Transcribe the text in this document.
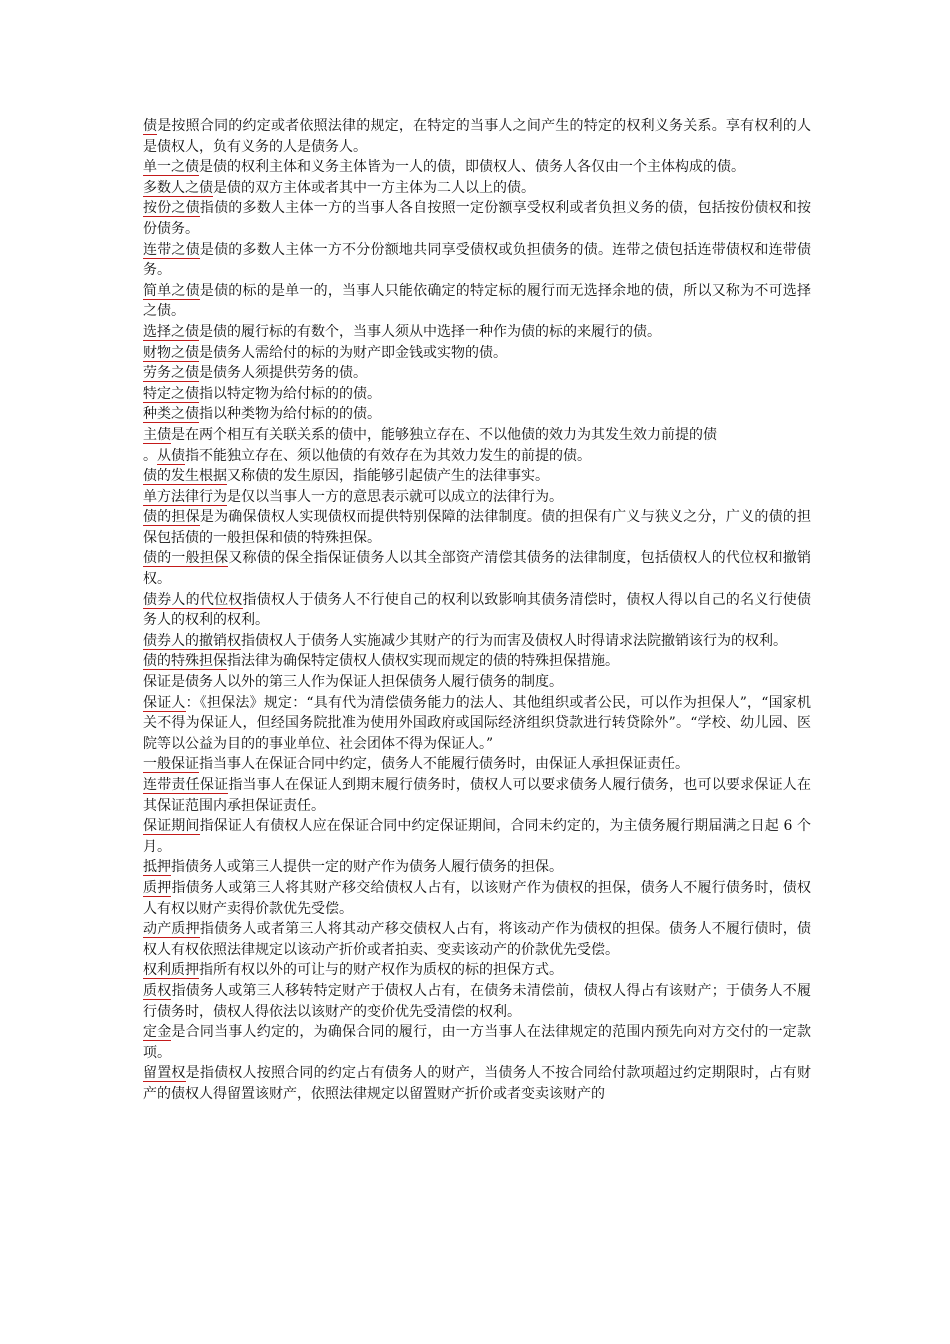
债是按照合同的约定或者依照法律的规定，在特定的当事人之间产生的特定的权利义务关系。享有权利的人是债权人，负有义务的人是债务人。

单一之债是债的权利主体和义务主体皆为一人的债，即债权人、债务人各仅由一个主体构成的债。

多数人之债是债的双方主体或者其中一方主体为二人以上的债。

按份之债指债的多数人主体一方的当事人各自按照一定份额享受权利或者负担义务的债，包括按份债权和按份债务。

连带之债是债的多数人主体一方不分份额地共同享受债权或负担债务的债。连带之债包括连带债权和连带债务。

简单之债是债的标的是单一的，当事人只能依确定的特定标的履行而无选择余地的债，所以又称为不可选择之债。

选择之债是债的履行标的有数个，当事人须从中选择一种作为债的标的来履行的债。

财物之债是债务人需给付的标的为财产即金钱或实物的债。

劳务之债是债务人须提供劳务的债。

特定之债指以特定物为给付标的的债。

种类之债指以种类物为给付标的的债。

主债是在两个相互有关联关系的债中，能够独立存在、不以他债的效力为其发生效力前提的债

。从债指不能独立存在、须以他债的有效存在为其效力发生的前提的债。

债的发生根据又称债的发生原因，指能够引起债产生的法律事实。

单方法律行为是仅以当事人一方的意思表示就可以成立的法律行为。

债的担保是为确保债权人实现债权而提供特别保障的法律制度。债的担保有广义与狭义之分，广义的债的担保包括债的一般担保和债的特殊担保。

债的一般担保又称债的保全指保证债务人以其全部资产清偿其债务的法律制度，包括债权人的代位权和撤销权。

债券人的代位权指债权人于债务人不行使自己的权利以致影响其债务清偿时，债权人得以自己的名义行使债务人的权利的权利。

债券人的撤销权指债权人于债务人实施减少其财产的行为而害及债权人时得请求法院撤销该行为的权利。

债的特殊担保指法律为确保特定债权人债权实现而规定的债的特殊担保措施。

保证是债务人以外的第三人作为保证人担保债务人履行债务的制度。

保证人：《担保法》规定：“具有代为清偿债务能力的法人、其他组织或者公民，可以作为担保人”，“国家机关不得为保证人，但经国务院批准为使用外国政府或国际经济组织贷款进行转贷除外”。“学校、幼儿园、医院等以公益为目的的事业单位、社会团体不得为保证人。”

一般保证指当事人在保证合同中约定，债务人不能履行债务时，由保证人承担保证责任。

连带责任保证指当事人在保证人到期末履行债务时，债权人可以要求债务人履行债务，也可以要求保证人在其保证范围内承担保证责任。

保证期间指保证人有债权人应在保证合同中约定保证期间，合同未约定的，为主债务履行期届满之日起 6 个月。

抵押指债务人或第三人提供一定的财产作为债务人履行债务的担保。

质押指债务人或第三人将其财产移交给债权人占有，以该财产作为债权的担保，债务人不履行债务时，债权人有权以财产卖得价款优先受偿。

动产质押指债务人或者第三人将其动产移交债权人占有，将该动产作为债权的担保。债务人不履行债时，债权人有权依照法律规定以该动产折价或者拍卖、变卖该动产的价款优先受偿。

权利质押指所有权以外的可让与的财产权作为质权的标的担保方式。

质权指债务人或第三人移转特定财产于债权人占有，在债务未清偿前，债权人得占有该财产；于债务人不履行债务时，债权人得依法以该财产的变价优先受清偿的权利。

定金是合同当事人约定的，为确保合同的履行，由一方当事人在法律规定的范围内预先向对方交付的一定款项。

留置权是指债权人按照合同的约定占有债务人的财产，当债务人不按合同给付款项超过约定期限时，占有财产的债权人得留置该财产，依照法律规定以留置财产折价或者变卖该财产的
